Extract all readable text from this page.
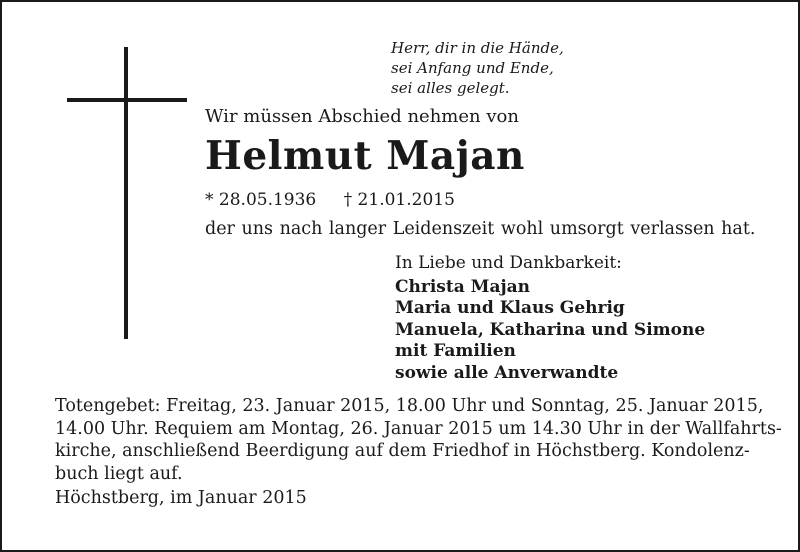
Herr, dir in die Hände,
sei Anfang und Ende,
sei alles gelegt.
Wir müssen Abschied nehmen von
Helmut Majan
* 28.05.1936 † 21.01.2015
der uns nach langer Leidenszeit wohl umsorgt verlassen hat.
In Liebe und Dankbarkeit:
Christa Majan
Maria und Klaus Gehrig
Manuela, Katharina und Simone
mit Familien
sowie alle Anverwandte
Totengebet: Freitag, 23. Januar 2015, 18.00 Uhr und Sonntag, 25. Januar 2015,
14.00 Uhr. Requiem am Montag, 26. Januar 2015 um 14.30 Uhr in der Wallfahrts-
kirche, anschließend Beerdigung auf dem Friedhof in Höchstberg. Kondolenz-
buch liegt auf.
Höchstberg, im Januar 2015
